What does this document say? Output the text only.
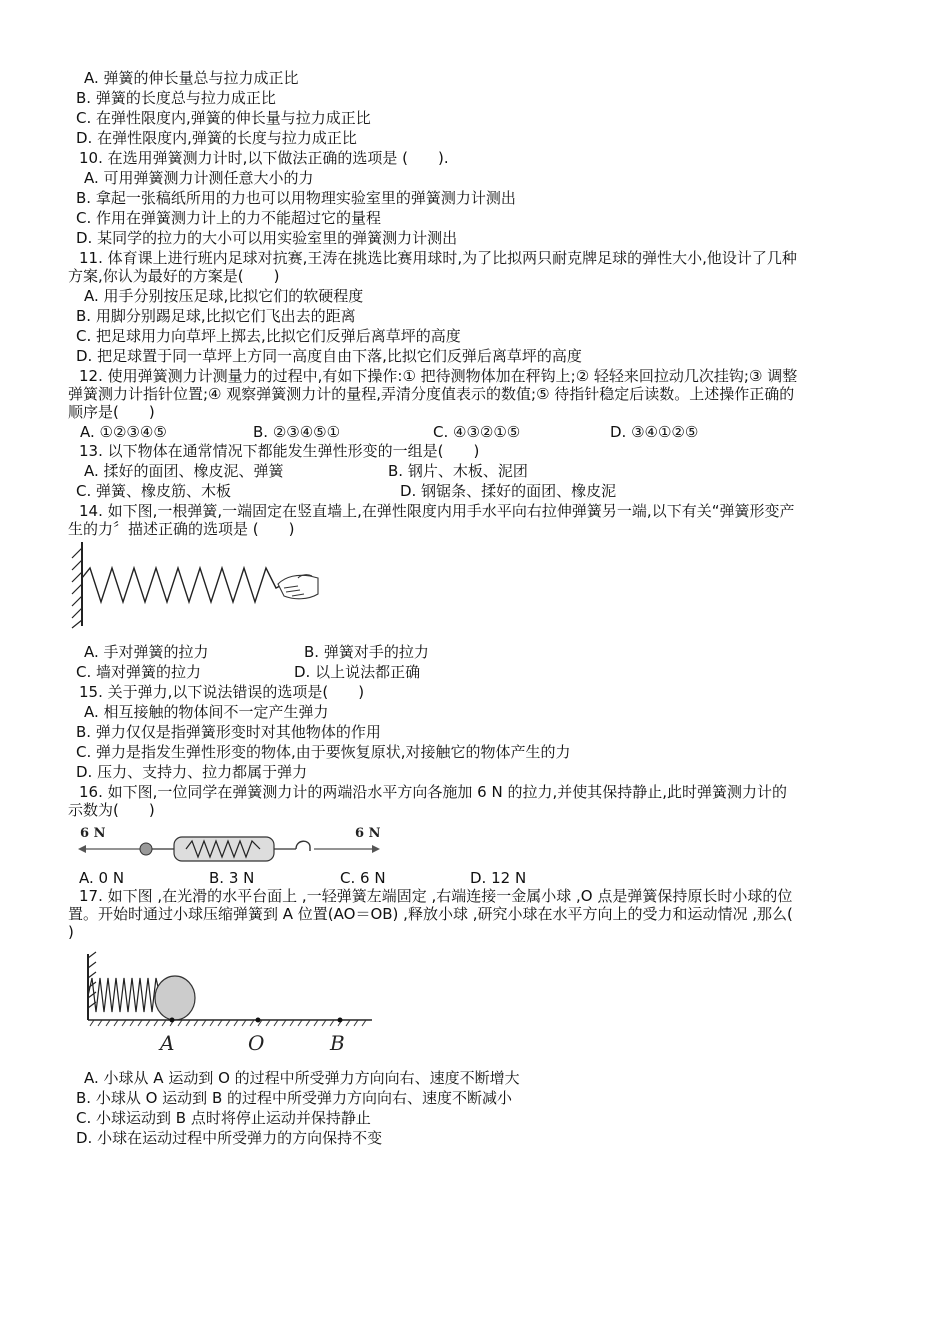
A. 弹簧的伸长量总与拉力成正比
B. 弹簧的长度总与拉力成正比
C. 在弹性限度内,弹簧的伸长量与拉力成正比
D. 在弹性限度内,弹簧的长度与拉力成正比
10. 在选用弹簧测力计时,以下做法正确的选项是 (　　).
A. 可用弹簧测力计测任意大小的力
B. 拿起一张稿纸所用的力也可以用物理实验室里的弹簧测力计测出
C. 作用在弹簧测力计上的力不能超过它的量程
D. 某同学的拉力的大小可以用实验室里的弹簧测力计测出
11. 体育课上进行班内足球对抗赛,王涛在挑选比赛用球时,为了比拟两只耐克牌足球的弹性大小,他设计了几种
方案,你认为最好的方案是(　　)
A. 用手分别按压足球,比拟它们的软硬程度
B. 用脚分别踢足球,比拟它们飞出去的距离
C. 把足球用力向草坪上掷去,比拟它们反弹后离草坪的高度
D. 把足球置于同一草坪上方同一高度自由下落,比拟它们反弹后离草坪的高度
12. 使用弹簧测力计测量力的过程中,有如下操作:① 把待测物体加在秤钩上;② 轻轻来回拉动几次挂钩;③ 调整
弹簧测力计指针位置;④ 观察弹簧测力计的量程,弄清分度值表示的数值;⑤ 待指针稳定后读数。上述操作正确的
顺序是(　　)
A. ①②③④⑤	B. ②③④⑤①	C. ④③②①⑤	D. ③④①②⑤
13. 以下物体在通常情况下都能发生弹性形变的一组是(　　)
A. 揉好的面团、橡皮泥、弹簧	B. 钢片、木板、泥团
C. 弹簧、橡皮筋、木板	D. 钢锯条、揉好的面团、橡皮泥
14. 如下图,一根弹簧,一端固定在竖直墙上,在弹性限度内用手水平向右拉伸弹簧另一端,以下有关“弹簧形变产
生的力〞描述正确的选项是 (　　)
A. 手对弹簧的拉力	B. 弹簧对手的拉力
C. 墙对弹簧的拉力	D. 以上说法都正确
15. 关于弹力,以下说法错误的选项是(　　)
A. 相互接触的物体间不一定产生弹力
B. 弹力仅仅是指弹簧形变时对其他物体的作用
C. 弹力是指发生弹性形变的物体,由于要恢复原状,对接触它的物体产生的力
D. 压力、支持力、拉力都属于弹力
16. 如下图,一位同学在弹簧测力计的两端沿水平方向各施加 6 N 的拉力,并使其保持静止,此时弹簧测力计的
示数为(　　)
6 N	6 N
A. 0 N	B. 3 N	C. 6 N	D. 12 N
17. 如下图 ,在光滑的水平台面上 ,一轻弹簧左端固定 ,右端连接一金属小球 ,O 点是弹簧保持原长时小球的位
置。开始时通过小球压缩弹簧到 A 位置(AO＝OB) ,释放小球 ,研究小球在水平方向上的受力和运动情况 ,那么(
)
A	O	B
A. 小球从 A 运动到 O 的过程中所受弹力方向向右、速度不断增大
B. 小球从 O 运动到 B 的过程中所受弹力方向向右、速度不断减小
C. 小球运动到 B 点时将停止运动并保持静止
D. 小球在运动过程中所受弹力的方向保持不变
